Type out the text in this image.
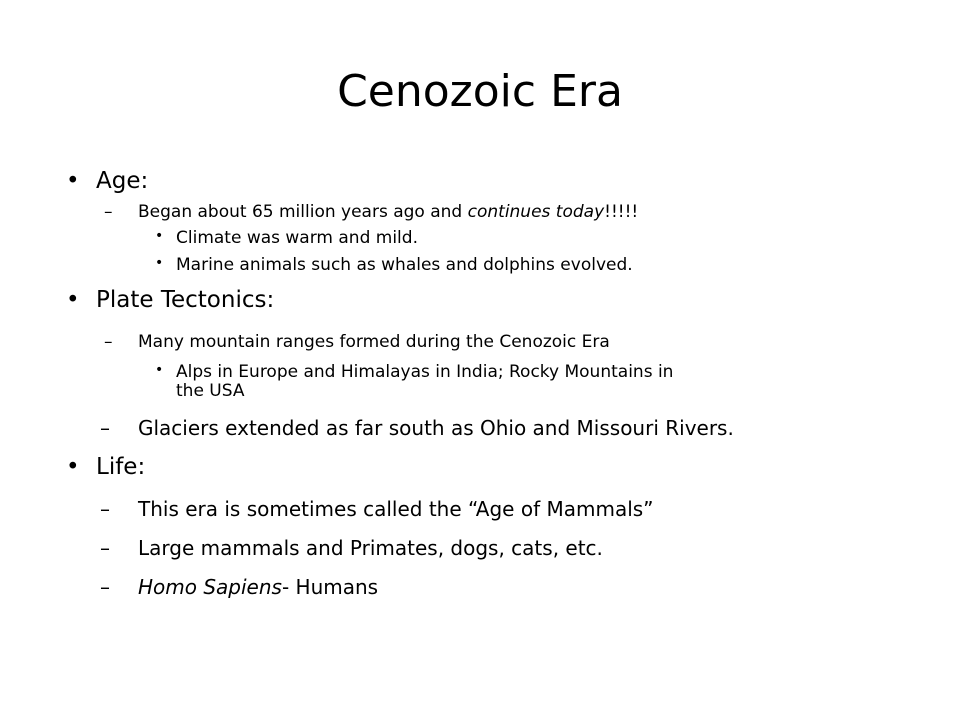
Cenozoic Era
• Age:
– Began about 65 million years ago and continues today!!!!!
• Climate was warm and mild.
• Marine animals such as whales and dolphins evolved.
• Plate Tectonics:
– Many mountain ranges formed during the Cenozoic Era
• Alps in Europe and Himalayas in India; Rocky Mountains in
the USA
– Glaciers extended as far south as Ohio and Missouri Rivers.
• Life:
– This era is sometimes called the “Age of Mammals”
– Large mammals and Primates, dogs, cats, etc.
– Homo Sapiens- Humans
